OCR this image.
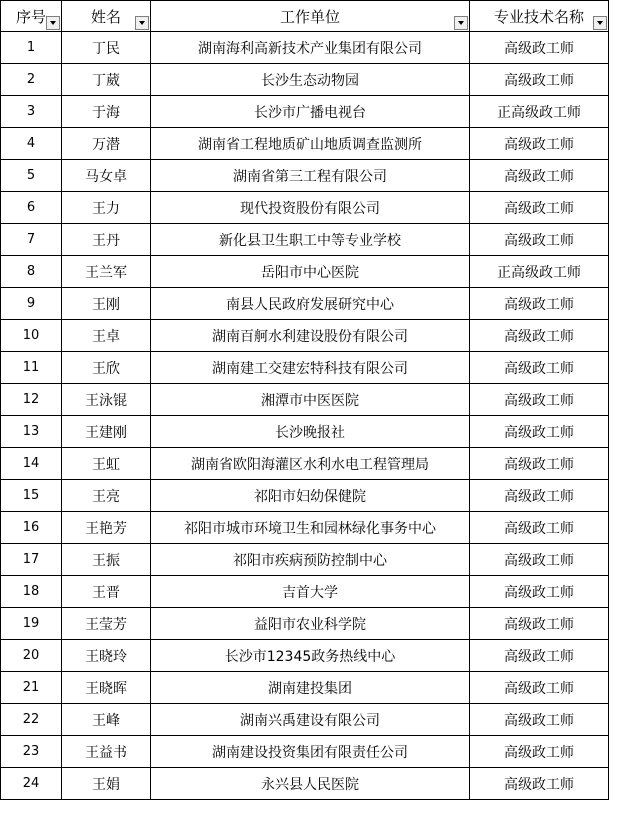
序号	姓名	工作单位	专业技术名称

1	丁民	湖南海利高新技术产业集团有限公司	高级政工师
2	丁葳	长沙生态动物园	高级政工师
3	于海	长沙市广播电视台	正高级政工师
4	万潜	湖南省工程地质矿山地质调查监测所	高级政工师
5	马女卓	湖南省第三工程有限公司	高级政工师
6	王力	现代投资股份有限公司	高级政工师
7	王丹	新化县卫生职工中等专业学校	高级政工师
8	王兰军	岳阳市中心医院	正高级政工师
9	王刚	南县人民政府发展研究中心	高级政工师
10	王卓	湖南百舸水利建设股份有限公司	高级政工师
11	王欣	湖南建工交建宏特科技有限公司	高级政工师
12	王泳锟	湘潭市中医医院	高级政工师
13	王建刚	长沙晚报社	高级政工师
14	王虹	湖南省欧阳海灌区水利水电工程管理局	高级政工师
15	王亮	祁阳市妇幼保健院	高级政工师
16	王艳芳	祁阳市城市环境卫生和园林绿化事务中心	高级政工师
17	王振	祁阳市疾病预防控制中心	高级政工师
18	王晋	吉首大学	高级政工师
19	王莹芳	益阳市农业科学院	高级政工师
20	王晓玲	长沙市12345政务热线中心	高级政工师
21	王晓晖	湖南建投集团	高级政工师
22	王峰	湖南兴禹建设有限公司	高级政工师
23	王益书	湖南建设投资集团有限责任公司	高级政工师
24	王娟	永兴县人民医院	高级政工师
